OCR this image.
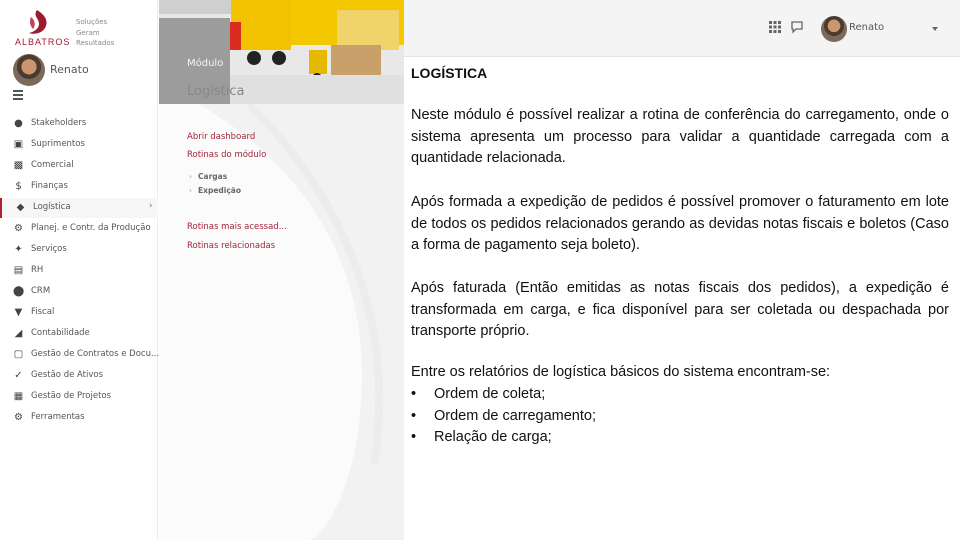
Renato
ALBATROS
Soluções
Geram
Resultados
Renato
● Stakeholders
▣ Suprimentos
▩ Comercial
$ Finanças
◆ Logística	›
⚙ Planej. e Contr. da Produção
✦ Serviços
▤ RH
⬤ CRM
▼ Fiscal
◢ Contabilidade
▢ Gestão de Contratos e Docu...
✓ Gestão de Ativos
▦ Gestão de Projetos
⚙ Ferramentas
Módulo
Logística
Abrir dashboard
Rotinas do módulo
› Cargas
› Expedição
Rotinas mais acessad...
Rotinas relacionadas
LOGÍSTICA
Neste módulo é possível realizar a rotina de conferência do carregamento, onde o sistema apresenta um processo para validar a quantidade carregada com a quantidade relacionada.
Após formada a expedição de pedidos é possível promover o faturamento em lote de todos os pedidos relacionados gerando as devidas notas fiscais e boletos (Caso a forma de pagamento seja boleto).
Após faturada (Então emitidas as notas fiscais dos pedidos), a expedição é transformada em carga, e fica disponível para ser coletada ou despachada por transporte próprio.
Entre os relatórios de logística básicos do sistema encontram-se:
• Ordem de coleta;
• Ordem de carregamento;
• Relação de carga;
